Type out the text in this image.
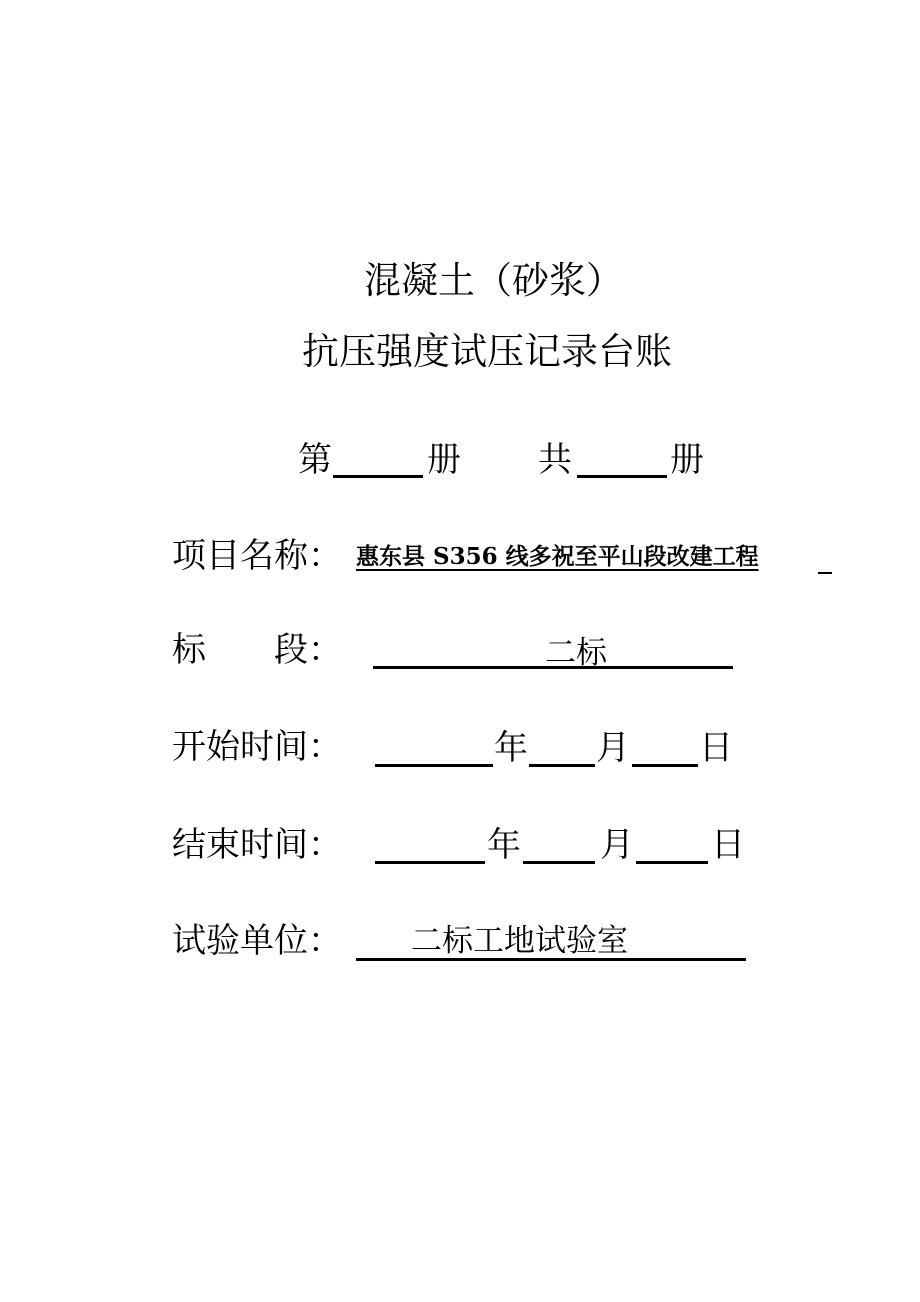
混凝土（砂浆）
抗压强度试压记录台账
第	册 共	册
项目名称： 惠东县 S356 线多祝至平山段改建工程
标　　段：	二标
开始时间：	年 月 日
结束时间：	年 月 日
试验单位： 二标工地试验室
